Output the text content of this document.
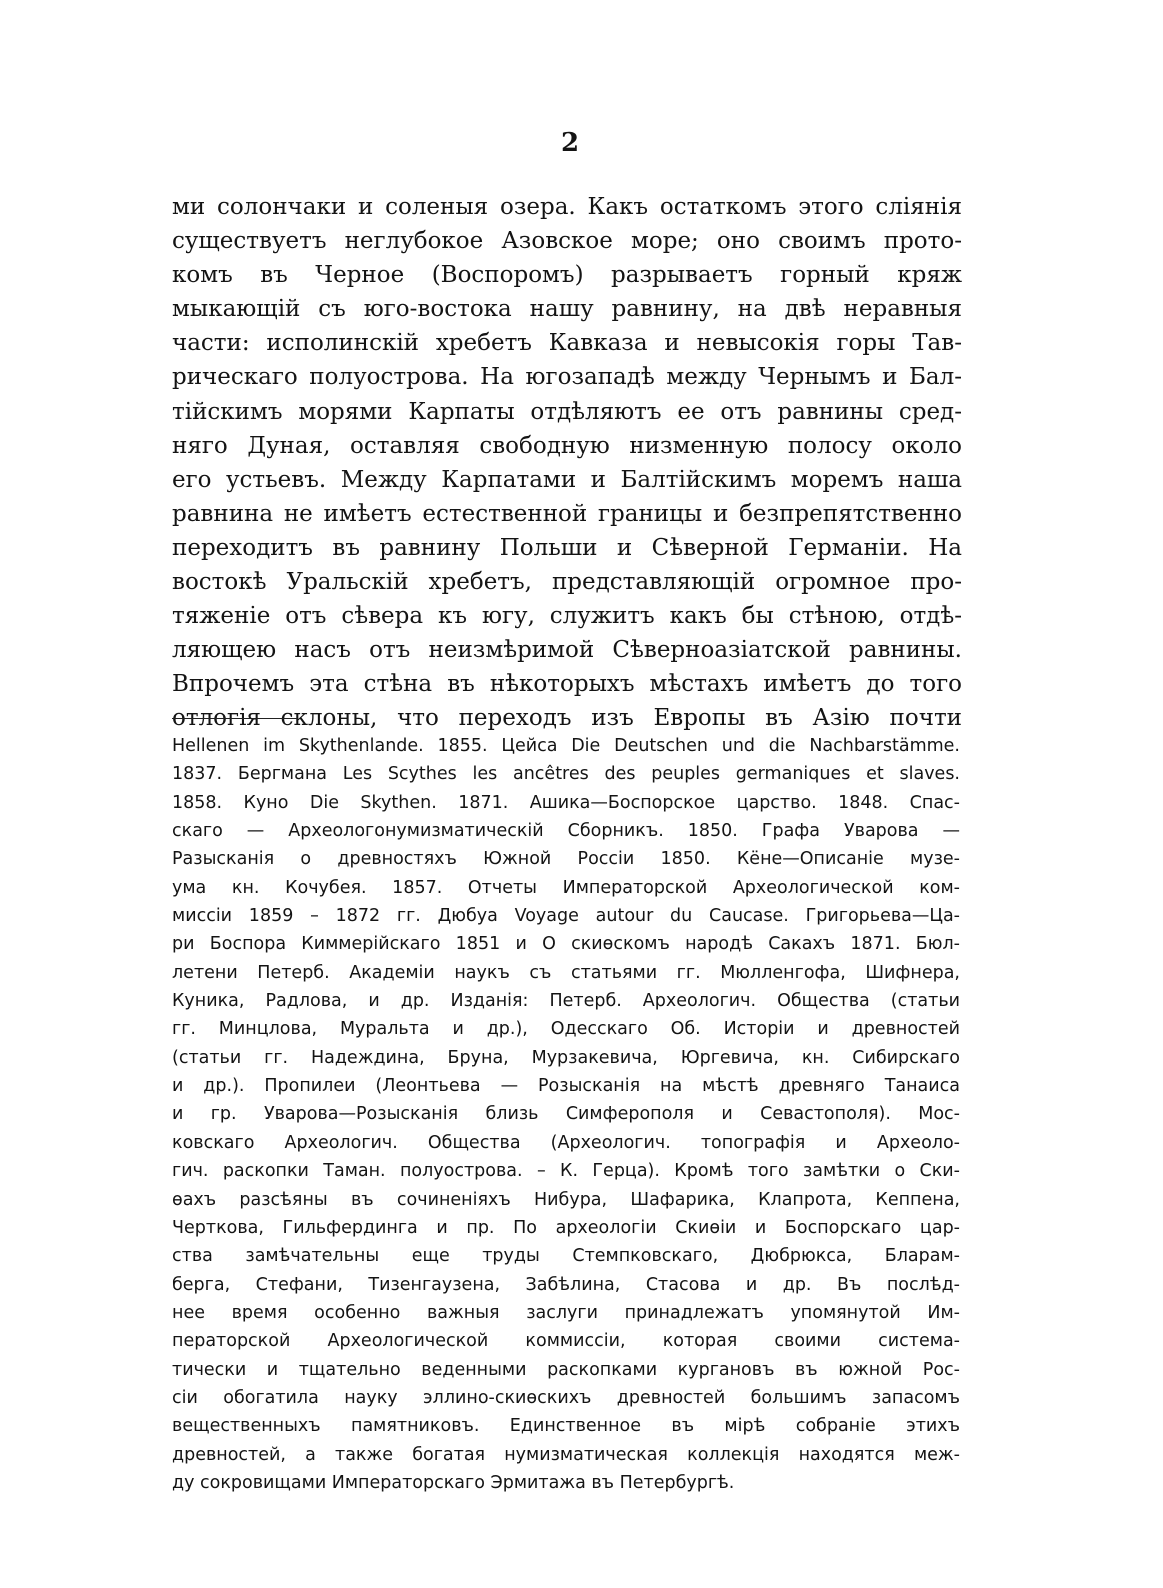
2
ми солончаки и соленыя озера. Какъ остаткомъ этого сліянія
существуетъ неглубокое Азовское море; оно своимъ прото-
комъ въ Черное (Воспоромъ) разрываетъ горный кряж
мыкающій съ юго-востока нашу равнину, на двѣ неравныя
части: исполинскій хребетъ Кавказа и невысокія горы Тав-
рическаго полуострова. На югозападѣ между Чернымъ и Бал-
тійскимъ морями Карпаты отдѣляютъ ее отъ равнины сред-
няго Дуная, оставляя свободную низменную полосу около
его устьевъ. Между Карпатами и Балтійскимъ моремъ наша
равнина не имѣетъ естественной границы и безпрепятственно
переходитъ въ равнину Польши и Сѣверной Германіи. На
востокѣ Уральскій хребетъ, представляющій огромное про-
тяженіе отъ сѣвера къ югу, служитъ какъ бы стѣною, отдѣ-
ляющею насъ отъ неизмѣримой Сѣверноазіатской равнины.
Впрочемъ эта стѣна въ нѣкоторыхъ мѣстахъ имѣетъ до того
отлогія склоны, что переходъ изъ Европы въ Азію почти
Hellenen im Skythenlande. 1855. Цейса Die Deutschen und die Nachbarstämme.
1837. Бергмана Les Scythes les ancêtres des peuples germaniques et slaves.
1858. Куно Die Skythen. 1871. Ашика—Боспорское царство. 1848. Спас-
скаго — Археологонумизматическій Сборникъ. 1850. Графа Уварова —
Разысканія о древностяхъ Южной Россіи 1850. Кёне—Описаніе музе-
ума кн. Кочубея. 1857. Отчеты Императорской Археологической ком-
миссіи 1859 – 1872 гг. Дюбуа Voyage autour du Caucase. Григорьева—Ца-
ри Боспора Киммерійскаго 1851 и О скиѳскомъ народѣ Сакахъ 1871. Бюл-
летени Петерб. Академіи наукъ съ статьями гг. Мюлленгофа, Шифнера,
Куника, Радлова, и др. Изданія: Петерб. Археологич. Общества (статьи
гг. Минцлова, Муральта и др.), Одесскаго Об. Исторіи и древностей
(статьи гг. Надеждина, Бруна, Мурзакевича, Юргевича, кн. Сибирскаго
и др.). Пропилеи (Леонтьева — Розысканія на мѣстѣ древняго Танаиса
и гр. Уварова—Розысканія близь Симферополя и Севастополя). Мос-
ковскаго Археологич. Общества (Археологич. топографія и Археоло-
гич. раскопки Таман. полуострова. – К. Герца). Кромѣ того замѣтки о Ски-
ѳахъ разсѣяны въ сочиненіяхъ Нибура, Шафарика, Клапрота, Кеппена,
Черткова, Гильфердинга и пр. По археологіи Скиѳіи и Боспорскаго цар-
ства замѣчательны еще труды Стемпковскаго, Дюбрюкса, Бларам-
берга, Стефани, Тизенгаузена, Забѣлина, Стасова и др. Въ послѣд-
нее время особенно важныя заслуги принадлежатъ упомянутой Им-
ператорской Археологической коммиссіи, которая своими система-
тически и тщательно веденными раскопками кургановъ въ южной Рос-
сіи обогатила науку эллино-скиѳскихъ древностей большимъ запасомъ
вещественныхъ памятниковъ. Единственное въ мірѣ собраніе этихъ
древностей, а также богатая нумизматическая коллекція находятся меж-
ду сокровищами Императорскаго Эрмитажа въ Петербургѣ.
